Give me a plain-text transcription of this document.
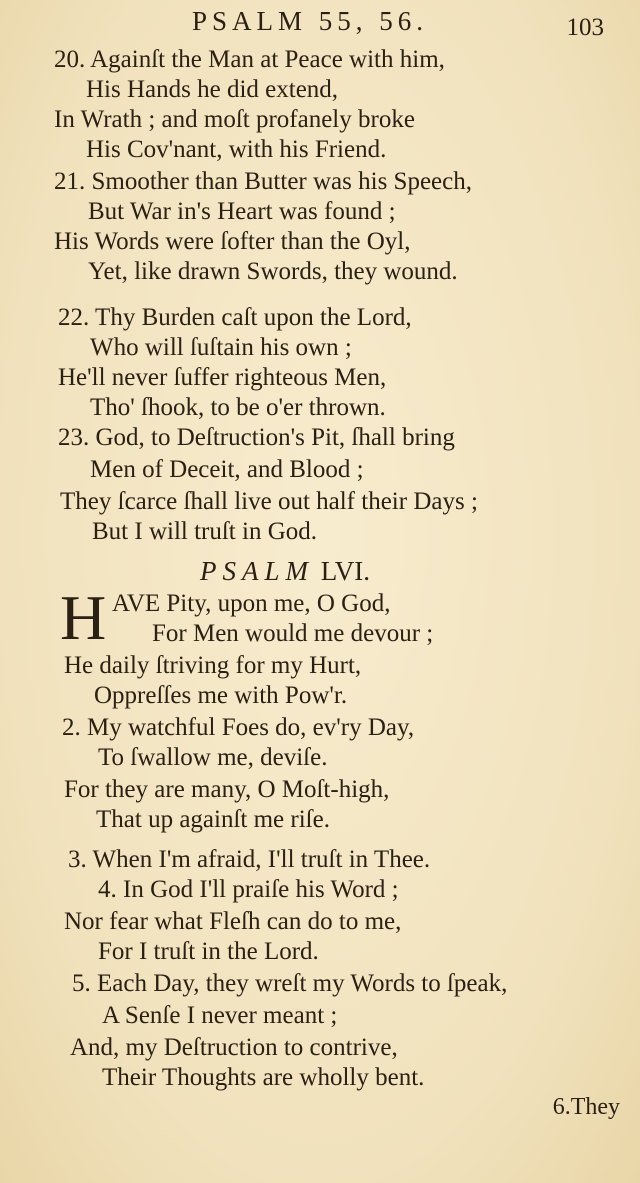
PSALM 55, 56.	103
20. Againſt the Man at Peace with him,
His Hands he did extend,
In Wrath ; and moſt profanely broke
His Cov'nant, with his Friend.
21. Smoother than Butter was his Speech,
But War in's Heart was found ;
His Words were ſofter than the Oyl,
Yet, like drawn Swords, they wound.
22. Thy Burden caſt upon the Lord,
Who will ſuſtain his own ;
He'll never ſuffer righteous Men,
Tho' ſhook, to be o'er thrown.
23. God, to Deſtruction's Pit, ſhall bring
Men of Deceit, and Blood ;
They ſcarce ſhall live out half their Days ;
But I will truſt in God.
PSALM LVI.
H AVE Pity, upon me, O God,
For Men would me devour ;
He daily ſtriving for my Hurt,
Oppreſſes me with Pow'r.
2. My watchful Foes do, ev'ry Day,
To ſwallow me, deviſe.
For they are many, O Moſt-high,
That up againſt me riſe.
3. When I'm afraid, I'll truſt in Thee.
4. In God I'll praiſe his Word ;
Nor fear what Fleſh can do to me,
For I truſt in the Lord.
5. Each Day, they wreſt my Words to ſpeak,
A Senſe I never meant ;
And, my Deſtruction to contrive,
Their Thoughts are wholly bent.
6.They
